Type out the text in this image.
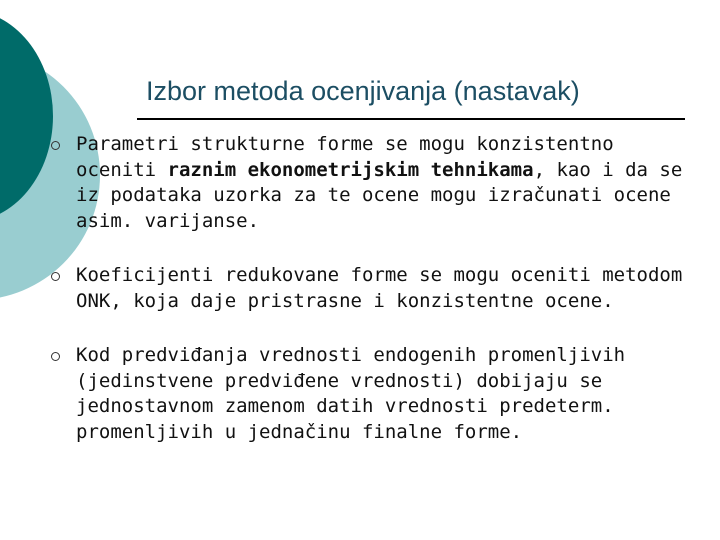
Izbor metoda ocenjivanja (nastavak)
Parametri strukturne forme se mogu konzistentno oceniti raznim ekonometrijskim tehnikama, kao i da se iz podataka uzorka za te ocene mogu izračunati ocene asim. varijanse.
Koeficijenti redukovane forme se mogu oceniti metodom ONK, koja daje pristrasne i konzistentne ocene.
Kod predviđanja vrednosti endogenih promenljivih (jedinstvene predviđene vrednosti) dobijaju se jednostavnom zamenom datih vrednosti predeterm. promenljivih u jednačinu finalne forme.
